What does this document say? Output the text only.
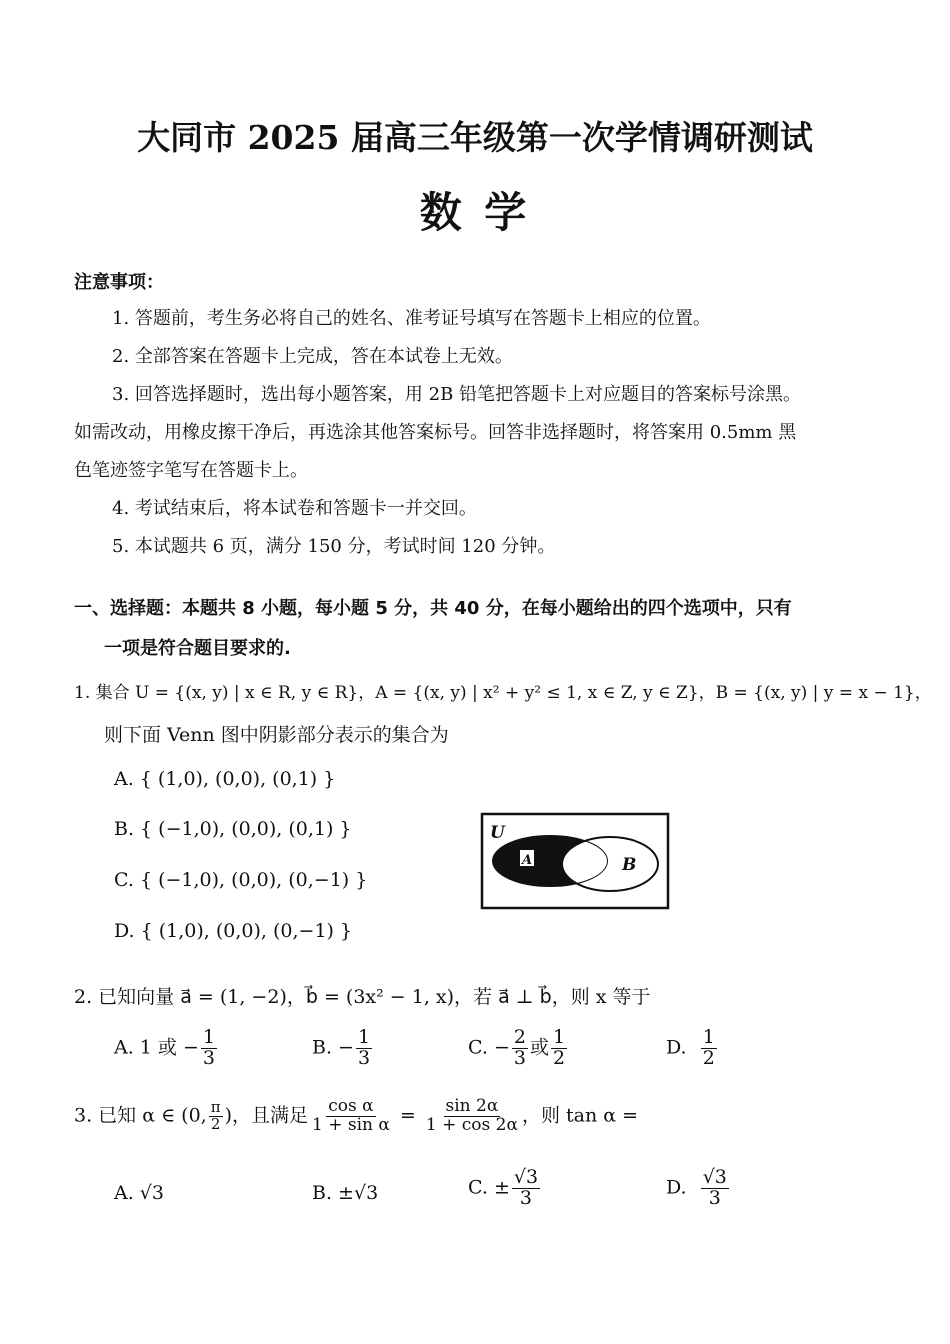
大同市 2025 届高三年级第一次学情调研测试
数 学
注意事项：
1. 答题前，考生务必将自己的姓名、准考证号填写在答题卡上相应的位置。
2. 全部答案在答题卡上完成，答在本试卷上无效。
3. 回答选择题时，选出每小题答案，用 2B 铅笔把答题卡上对应题目的答案标号涂黑。
如需改动，用橡皮擦干净后，再选涂其他答案标号。回答非选择题时，将答案用 0.5mm 黑
色笔迹签字笔写在答题卡上。
4. 考试结束后，将本试卷和答题卡一并交回。
5. 本试题共 6 页，满分 150 分，考试时间 120 分钟。
一、选择题：本题共 8 小题，每小题 5 分，共 40 分，在每小题给出的四个选项中，只有
一项是符合题目要求的.
1. 集合 U = {(x, y) | x ∈ R, y ∈ R}，A = {(x, y) | x² + y² ≤ 1, x ∈ Z, y ∈ Z}，B = {(x, y) | y = x − 1}，
则下面 Venn 图中阴影部分表示的集合为
A. { (1,0), (0,0), (0,1) }
B. { (−1,0), (0,0), (0,1) }
C. { (−1,0), (0,0), (0,−1) }
D. { (1,0), (0,0), (0,−1) }
U
A	B
2. 已知向量 a⃗ = (1, −2)，b⃗ = (3x² − 1, x)，若 a⃗ ⊥ b⃗，则 x 等于
A. 1 或 − $\frac{1}{3}$	B. − $\frac{1}{3}$	C. − $\frac{2}{3}$ 或 $\frac{1}{2}$	D. $\frac{1}{2}$
3. 已知 α ∈ (0, $\frac{\pi}{2}$ )，且满足 $\frac{\text{cos α}}{\text{1 + sin α}} = \frac{\sin 2\alpha}{1 + \cos 2\alpha}$ ，则 tan α =
A. √3	B. ±√3	C. ± $\frac{√3}{3}$	D. $\frac{√3}{3}$
